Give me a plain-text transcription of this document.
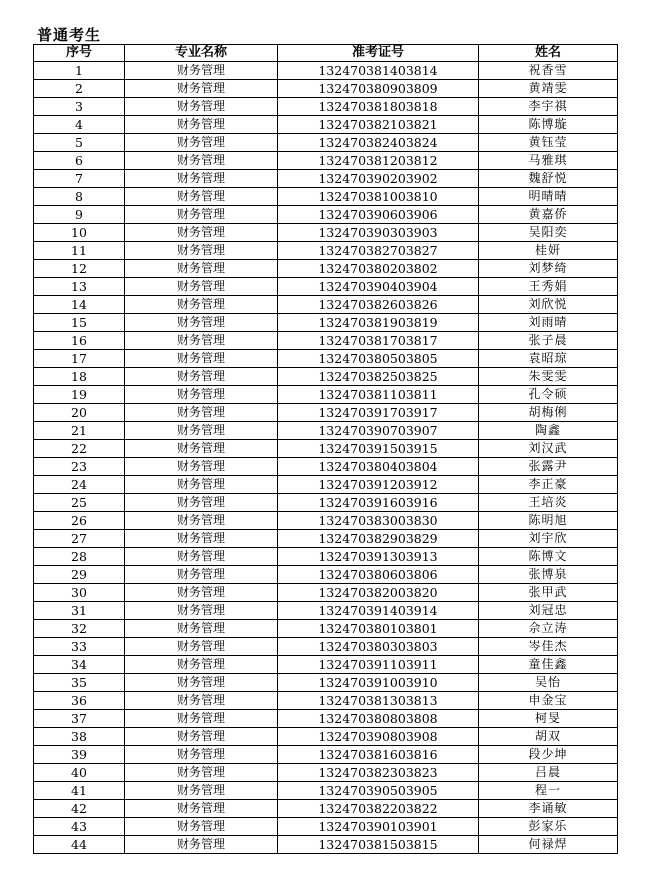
普通考生
序号	专业名称	准考证号	姓名
1	财务管理	132470381403814	祝香雪
2	财务管理	132470380903809	黄靖雯
3	财务管理	132470381803818	李宇祺
4	财务管理	132470382103821	陈博璇
5	财务管理	132470382403824	黄钰莹
6	财务管理	132470381203812	马雅琪
7	财务管理	132470390203902	魏舒悦
8	财务管理	132470381003810	明晴晴
9	财务管理	132470390603906	黄嘉侨
10	财务管理	132470390303903	吴阳奕
11	财务管理	132470382703827	桂妍
12	财务管理	132470380203802	刘梦绮
13	财务管理	132470390403904	王秀娟
14	财务管理	132470382603826	刘欣悦
15	财务管理	132470381903819	刘雨晴
16	财务管理	132470381703817	张子晨
17	财务管理	132470380503805	袁昭琼
18	财务管理	132470382503825	朱雯雯
19	财务管理	132470381103811	孔令硕
20	财务管理	132470391703917	胡梅俐
21	财务管理	132470390703907	陶鑫
22	财务管理	132470391503915	刘汉武
23	财务管理	132470380403804	张露尹
24	财务管理	132470391203912	李正豪
25	财务管理	132470391603916	王培炎
26	财务管理	132470383003830	陈明旭
27	财务管理	132470382903829	刘宇欣
28	财务管理	132470391303913	陈博文
29	财务管理	132470380603806	张博泉
30	财务管理	132470382003820	张甲武
31	财务管理	132470391403914	刘冠忠
32	财务管理	132470380103801	佘立涛
33	财务管理	132470380303803	岑佳杰
34	财务管理	132470391103911	童佳鑫
35	财务管理	132470391003910	吴怡
36	财务管理	132470381303813	申金宝
37	财务管理	132470380803808	柯旻
38	财务管理	132470390803908	胡双
39	财务管理	132470381603816	段少坤
40	财务管理	132470382303823	吕晨
41	财务管理	132470390503905	程一
42	财务管理	132470382203822	李诵敏
43	财务管理	132470390103901	彭家乐
44	财务管理	132470381503815	何禄焊
